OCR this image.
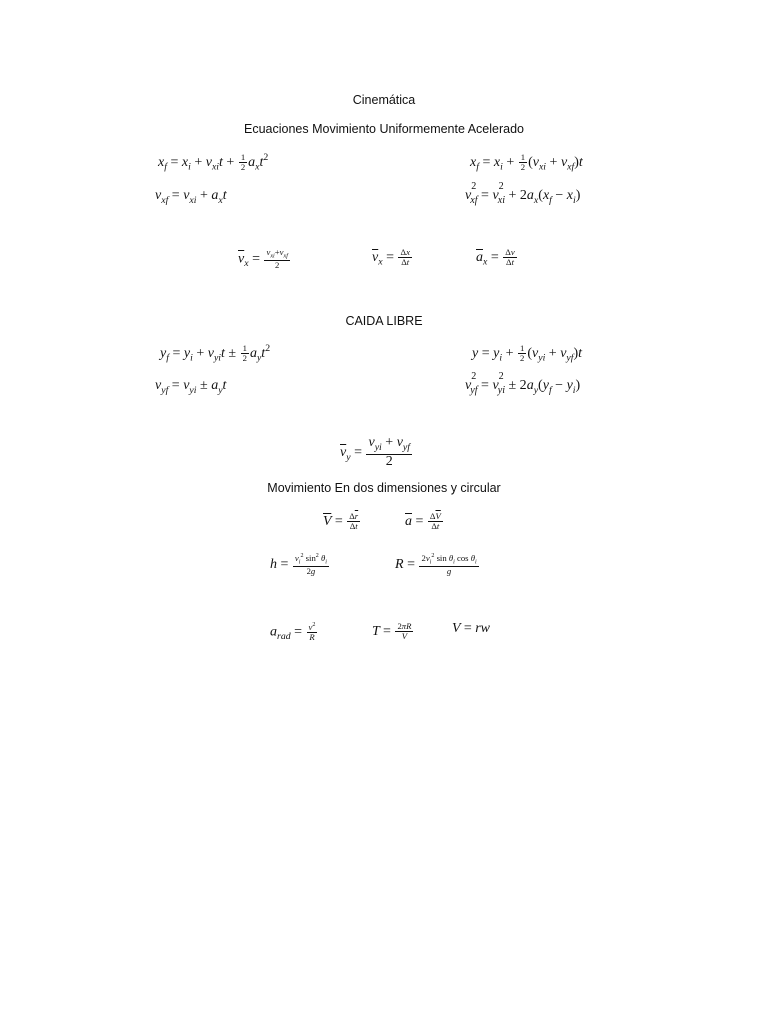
Cinemática
Ecuaciones Movimiento Uniformemente Acelerado
$x_f = x_i + v_{xi}t + \frac{1}{2} a_xt^2$	$x_f = x_i + \frac{1}{2} (v_{xi} + v_{xf})t$
$v_{xf} = v_{xi} + a_xt$	$v_{^2xf} = v_{^2xi} + 2a_x(x_f - x_i)$
$\overline{v}_x = \frac{v_{xi}+v_{xf}}{2}$	$\overline{v}_x = \frac{\Delta x}{\Delta t}$	$\overline{a}_x = \frac{\Delta v}{\Delta t}$
CAIDA LIBRE
$y_f = y_i + v_{yi}t \pm \frac{1}{2} a_yt^2$	$y = y_i + \frac{1}{2} (v_{yi} + v_{yf})t$
$v_{yf} = v_{yi} \pm a_yt$	$v_{^2yf} = v_{^2yi} \pm 2a_y(y_f - y_i)$
$\overline{v}_y = \frac{v_{yi} + v_{yf}}{2}$
Movimiento En dos dimensiones y circular
$\overline{V} = \frac{\Delta\overline{r}}{\Delta t}$	$\overline{a} = \frac{\Delta\overline{V}}{\Delta t}$
$h = \frac{v_i^2 \sin^2 \theta_i}{2g}$	$R = \frac{2v_i^2 \sin \theta_i \cos \theta_i}{g}$
$a_{rad} = \frac{v^2}{R}$	$T = \frac{2\pi R}{V}$	V = rw
